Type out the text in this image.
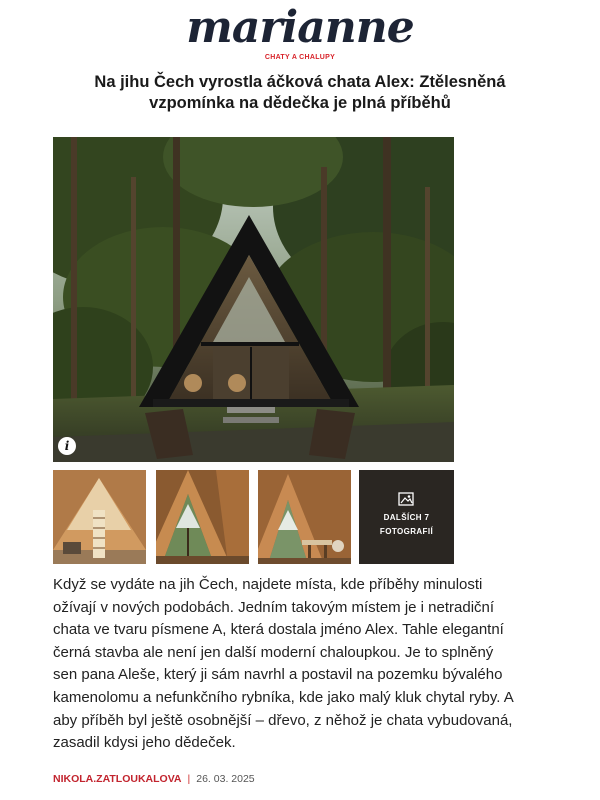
marianne
CHATY A CHALUPY
Na jihu Čech vyrostla áčková chata Alex: Ztělesněná vzpomínka na dědečka je plná příběhů
i
DALŠÍCH 7
FOTOGRAFIÍ

Když se vydáte na jih Čech, najdete místa, kde příběhy minulosti ožívají v nových podobách. Jedním takovým místem je i netradiční chata ve tvaru písmene A, která dostala jméno Alex. Tahle elegantní černá stavba ale není jen další moderní chaloupkou. Je to splněný sen pana Aleše, který ji sám navrhl a postavil na pozemku bývalého kamenolomu a nefunkčního rybníka, kde jako malý kluk chytal ryby. A aby příběh byl ještě osobnější – dřevo, z něhož je chata vybudovaná, zasadil kdysi jeho dědeček.

NIKOLA.ZATLOUKALOVA | 26. 03. 2025
